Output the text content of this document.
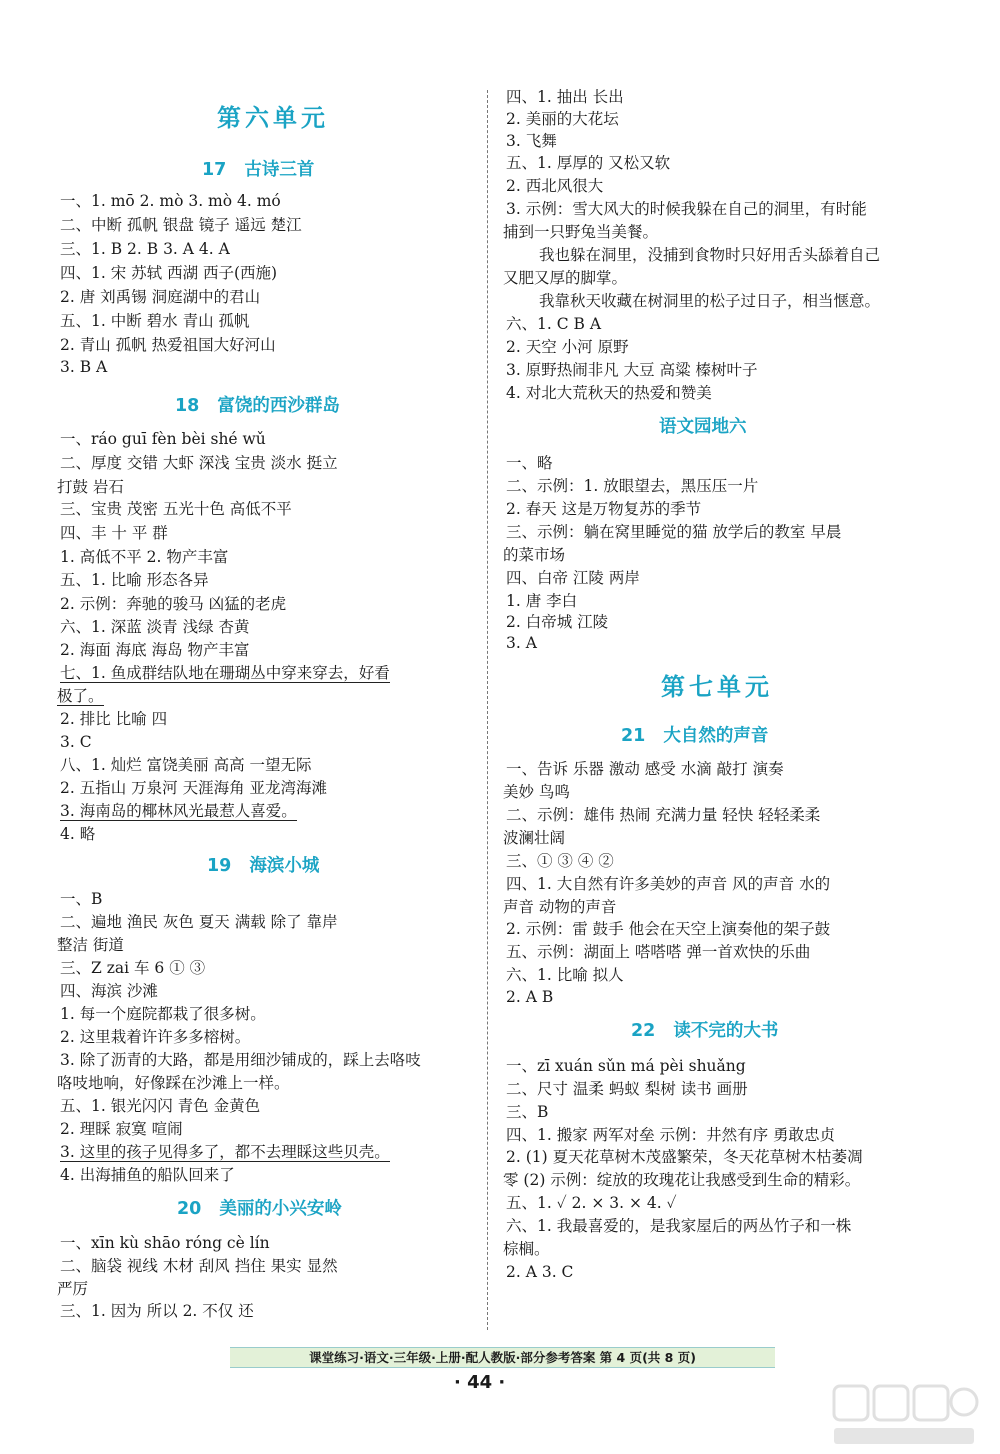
第六单元
17 古诗三首
一、1. mō 2. mò 3. mò 4. mó
二、中断 孤帆 银盘 镜子 遥远 楚江
三、1. B 2. B 3. A 4. A
四、1. 宋 苏轼 西湖 西子(西施)
2. 唐 刘禹锡 洞庭湖中的君山
五、1. 中断 碧水 青山 孤帆
2. 青山 孤帆 热爱祖国大好河山
3. B A
18 富饶的西沙群岛
一、ráo guī fèn bèi shé wǔ
二、厚度 交错 大虾 深浅 宝贵 淡水 挺立
打鼓 岩石
三、宝贵 茂密 五光十色 高低不平
四、丰 十 平 群
1. 高低不平 2. 物产丰富
五、1. 比喻 形态各异
2. 示例：奔驰的骏马 凶猛的老虎
六、1. 深蓝 淡青 浅绿 杏黄
2. 海面 海底 海岛 物产丰富
七、1. 鱼成群结队地在珊瑚丛中穿来穿去，好看
极了。
2. 排比 比喻 四
3. C
八、1. 灿烂 富饶美丽 高高 一望无际
2. 五指山 万泉河 天涯海角 亚龙湾海滩
3. 海南岛的椰林风光最惹人喜爱。
4. 略
19 海滨小城
一、B
二、遍地 渔民 灰色 夏天 满载 除了 靠岸
整洁 街道
三、Z zai 车 6 ① ③
四、海滨 沙滩
1. 每一个庭院都栽了很多树。
2. 这里栽着许许多多榕树。
3. 除了沥青的大路，都是用细沙铺成的，踩上去咯吱
咯吱地响，好像踩在沙滩上一样。
五、1. 银光闪闪 青色 金黄色
2. 理睬 寂寞 喧闹
3. 这里的孩子见得多了，都不去理睬这些贝壳。
4. 出海捕鱼的船队回来了
20 美丽的小兴安岭
一、xīn kù shāo róng cè lín
二、脑袋 视线 木材 刮风 挡住 果实 显然
严厉
三、1. 因为 所以 2. 不仅 还
四、1. 抽出 长出
2. 美丽的大花坛
3. 飞舞
五、1. 厚厚的 又松又软
2. 西北风很大
3. 示例：雪大风大的时候我躲在自己的洞里，有时能
捕到一只野兔当美餐。
我也躲在洞里，没捕到食物时只好用舌头舔着自己
又肥又厚的脚掌。
我靠秋天收藏在树洞里的松子过日子，相当惬意。
六、1. C B A
2. 天空 小河 原野
3. 原野热闹非凡 大豆 高粱 榛树叶子
4. 对北大荒秋天的热爱和赞美
语文园地六
一、略
二、示例：1. 放眼望去，黑压压一片
2. 春天 这是万物复苏的季节
三、示例：躺在窝里睡觉的猫 放学后的教室 早晨
的菜市场
四、白帝 江陵 两岸
1. 唐 李白
2. 白帝城 江陵
3. A
第七单元
21 大自然的声音
一、告诉 乐器 激动 感受 水滴 敲打 演奏
美妙 鸟鸣
二、示例：雄伟 热闹 充满力量 轻快 轻轻柔柔
波澜壮阔
三、① ③ ④ ②
四、1. 大自然有许多美妙的声音 风的声音 水的
声音 动物的声音
2. 示例：雷 鼓手 他会在天空上演奏他的架子鼓
五、示例：湖面上 嗒嗒嗒 弹一首欢快的乐曲
六、1. 比喻 拟人
2. A B
22 读不完的大书
一、zī xuán sǔn má pèi shuǎng
二、尺寸 温柔 蚂蚁 梨树 读书 画册
三、B
四、1. 搬家 两军对垒 示例：井然有序 勇敢忠贞
2. (1) 夏天花草树木茂盛繁荣，冬天花草树木枯萎凋
零 (2) 示例：绽放的玫瑰花让我感受到生命的精彩。
五、1. ✓ 2. × 3. × 4. ✓
六、1. 我最喜爱的，是我家屋后的两丛竹子和一株
棕榈。
2. A 3. C
课堂练习·语文·三年级·上册·配人教版·部分参考答案 第 4 页(共 8 页)
· 44 ·
